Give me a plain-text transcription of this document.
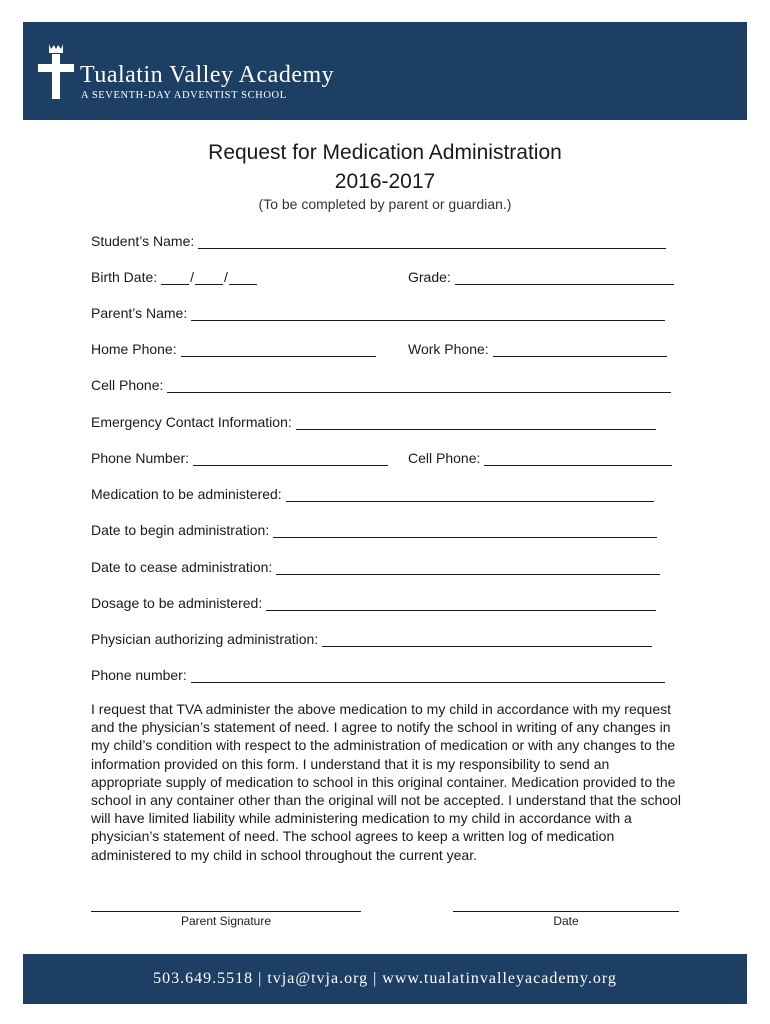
Tualatin Valley Academy
A SEVENTH-DAY ADVENTIST SCHOOL
Request for Medication Administration
2016-2017
(To be completed by parent or guardian.)
Student’s Name:
Birth Date: / /	Grade:
Parent’s Name:
Home Phone:	Work Phone:
Cell Phone:
Emergency Contact Information:
Phone Number:	Cell Phone:
Medication to be administered:
Date to begin administration:
Date to cease administration:
Dosage to be administered:
Physician authorizing administration:
Phone number:
I request that TVA administer the above medication to my child in accordance with my request and the physician’s statement of need. I agree to notify the school in writing of any changes in my child’s condition with respect to the administration of medication or with any changes to the information provided on this form. I understand that it is my responsibility to send an appropriate supply of medication to school in this original container. Medication provided to the school in any container other than the original will not be accepted. I understand that the school will have limited liability while administering medication to my child in accordance with a physician’s statement of need. The school agrees to keep a written log of medication administered to my child in school throughout the current year.
Parent Signature	Date
503.649.5518 | tvja@tvja.org | www.tualatinvalleyacademy.org
